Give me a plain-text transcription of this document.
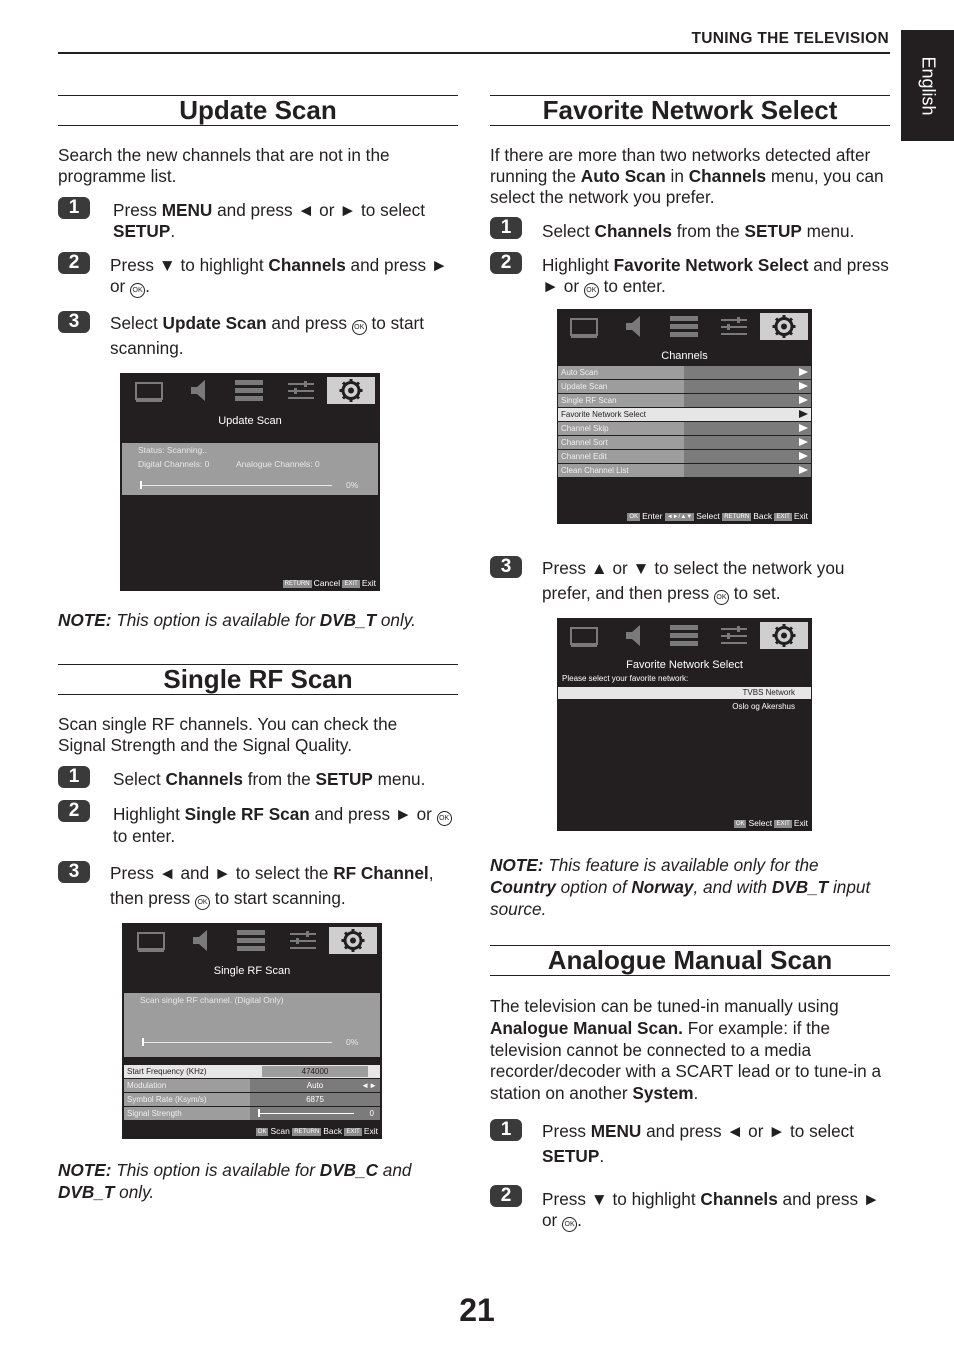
TUNING THE TELEVISION
English
Update Scan
Search the new channels that are not in the programme list.
1	Press MENU and press ◄ or ► to select SETUP.
2	Press ▼ to highlight Channels and press ► or OK .
3	Select Update Scan and press OK to start scanning.
Update Scan
Status: Scanning..
Digital Channels: 0	Analogue Channels: 0
0%
RETURN Cancel EXIT Exit
NOTE: This option is available for DVB_T only.
Single RF Scan
Scan single RF channels. You can check the Signal Strength and the Signal Quality.
1	Select Channels from the SETUP menu.
2	Highlight Single RF Scan and press ► or OK to enter.
3	Press ◄ and ► to select the RF Channel, then press OK to start scanning.
Single RF Scan
Scan single RF channel. (Digital Only)
0%
Start Frequency (KHz)	474000
Modulation	Auto	◄►
Symbol Rate (Ksym/s)	6875
Signal Strength	0
OK Scan RETURN Back EXIT Exit
NOTE: This option is available for DVB_C and DVB_T only.
Favorite Network Select
If there are more than two networks detected after running the Auto Scan in Channels menu, you can select the network you prefer.
1	Select Channels from the SETUP menu.
2	Highlight Favorite Network Select and press ► or OK to enter.
Channels
Auto Scan
Update Scan
Single RF Scan
Favorite Network Select
Channel Skip
Channel Sort
Channel Edit
Clean Channel List
OK Enter ◄►/▲▼ Select RETURN Back EXIT Exit
3	Press ▲ or ▼ to select the network you prefer, and then press OK to set.
Favorite Network Select
Please select your favorite network:
TVBS Network
Oslo og Akershus
OK Select EXIT Exit
NOTE: This feature is available only for the Country option of Norway, and with DVB_T input source.
Analogue Manual Scan
The television can be tuned-in manually using Analogue Manual Scan. For example: if the television cannot be connected to a media recorder/decoder with a SCART lead or to tune-in a station on another System.
1	Press MENU and press ◄ or ► to select SETUP.
2	Press ▼ to highlight Channels and press ► or OK .
21
